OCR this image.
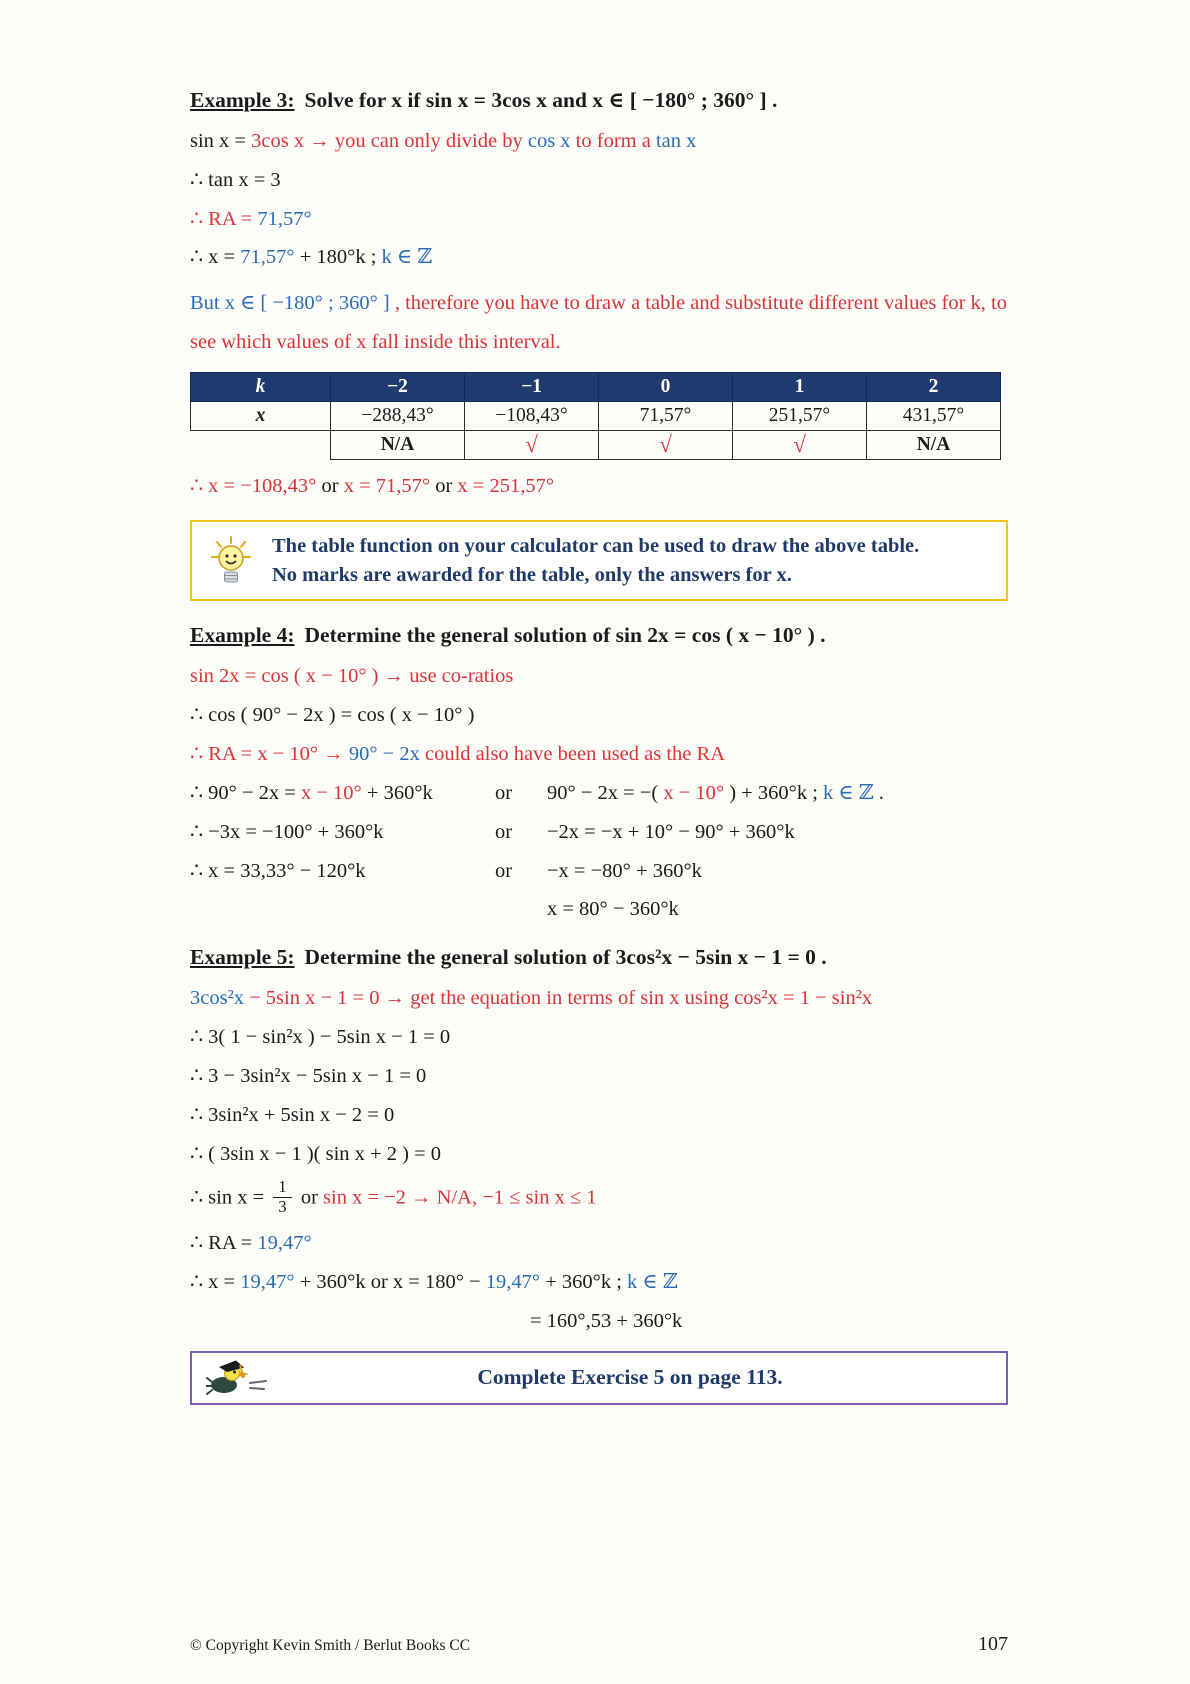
Example 3: Solve for x if sin x = 3cos x and x ∈ [ −180° ; 360° ] .
sin x = 3cos x → you can only divide by cos x to form a tan x
∴ tan x = 3
∴ RA = 71,57°
∴ x = 71,57° + 180°k ; k ∈ ℤ
But x ∈ [ −180° ; 360° ] , therefore you have to draw a table and substitute different values for k, to see which values of x fall inside this interval.
k	−2	−1	0	1	2
x	−288,43°	−108,43°	71,57°	251,57°	431,57°
	N/A	√	√	√	N/A
∴ x = −108,43° or x = 71,57° or x = 251,57°
The table function on your calculator can be used to draw the above table.
No marks are awarded for the table, only the answers for x.
Example 4: Determine the general solution of sin 2x = cos ( x − 10° ) .
sin 2x = cos ( x − 10° ) → use co-ratios
∴ cos ( 90° − 2x ) = cos ( x − 10° )
∴ RA = x − 10° → 90° − 2x could also have been used as the RA
∴ 90° − 2x = x − 10° + 360°k	or 90° − 2x = −( x − 10° ) + 360°k ; k ∈ ℤ .
∴ −3x = −100° + 360°k	or −2x = −x + 10° − 90° + 360°k
∴ x = 33,33° − 120°k	or −x = −80° + 360°k
x = 80° − 360°k
Example 5: Determine the general solution of 3cos²x − 5sin x − 1 = 0 .
3cos²x − 5sin x − 1 = 0 → get the equation in terms of sin x using cos²x = 1 − sin²x
∴ 3( 1 − sin²x ) − 5sin x − 1 = 0
∴ 3 − 3sin²x − 5sin x − 1 = 0
∴ 3sin²x + 5sin x − 2 = 0
∴ ( 3sin x − 1 )( sin x + 2 ) = 0
∴ $\sin x = \frac{1}{3}$ or sin x = −2 → N/A, −1 ≤ sin x ≤ 1
∴ RA = 19,47°
∴ x = 19,47° + 360°k or x = 180° − 19,47° + 360°k ; k ∈ ℤ
= 160°,53 + 360°k
Complete Exercise 5 on page 113.
© Copyright Kevin Smith / Berlut Books CC	107
